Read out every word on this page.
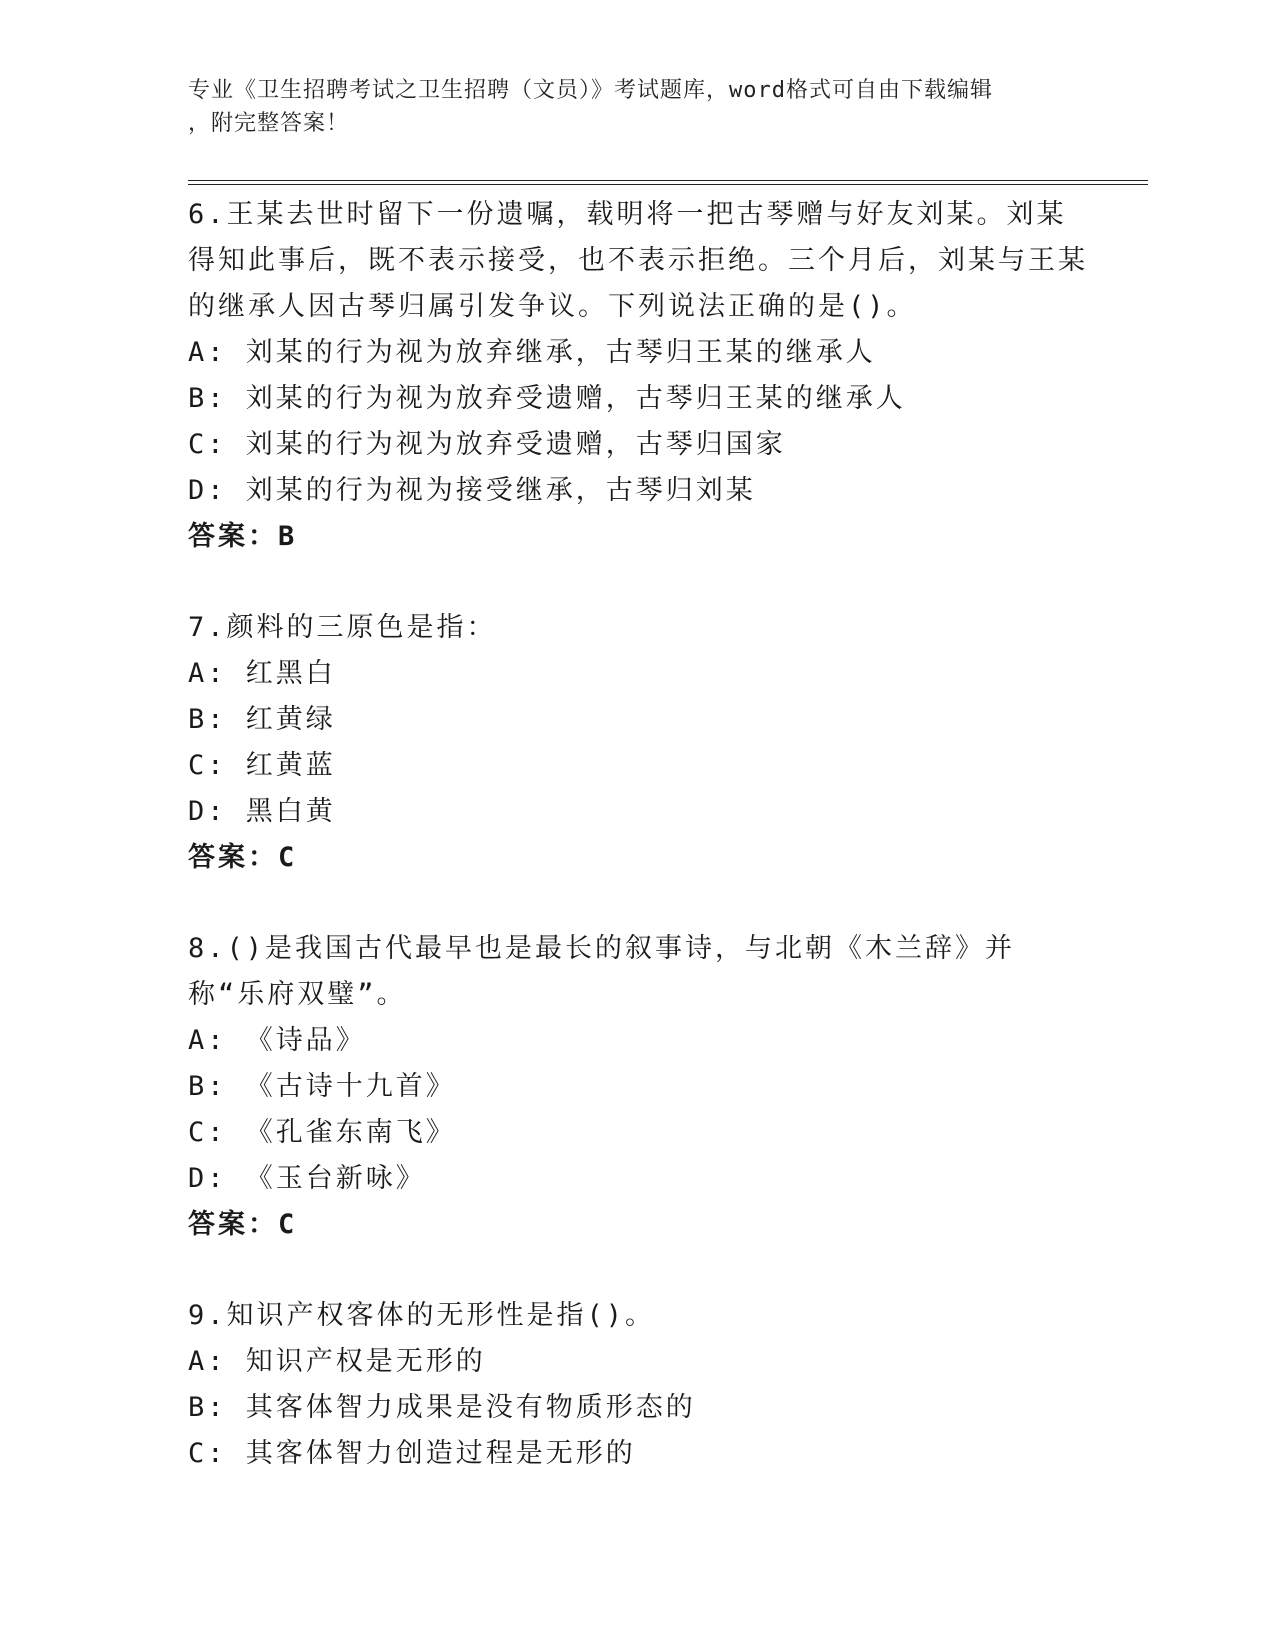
专业《卫生招聘考试之卫生招聘（文员）》考试题库，word格式可自由下载编辑
，附完整答案！

6.王某去世时留下一份遗嘱，载明将一把古琴赠与好友刘某。刘某得知此事后，既不表示接受，也不表示拒绝。三个月后，刘某与王某的继承人因古琴归属引发争议。下列说法正确的是()。

A: 刘某的行为视为放弃继承，古琴归王某的继承人

B: 刘某的行为视为放弃受遗赠，古琴归王某的继承人

C: 刘某的行为视为放弃受遗赠，古琴归国家

D: 刘某的行为视为接受继承，古琴归刘某

答案：B

7.颜料的三原色是指：

A: 红黑白

B: 红黄绿

C: 红黄蓝

D: 黑白黄

答案：C

8.()是我国古代最早也是最长的叙事诗，与北朝《木兰辞》并称“乐府双璧”。

A: 《诗品》

B: 《古诗十九首》

C: 《孔雀东南飞》

D: 《玉台新咏》

答案：C

9.知识产权客体的无形性是指()。

A: 知识产权是无形的

B: 其客体智力成果是没有物质形态的

C: 其客体智力创造过程是无形的
